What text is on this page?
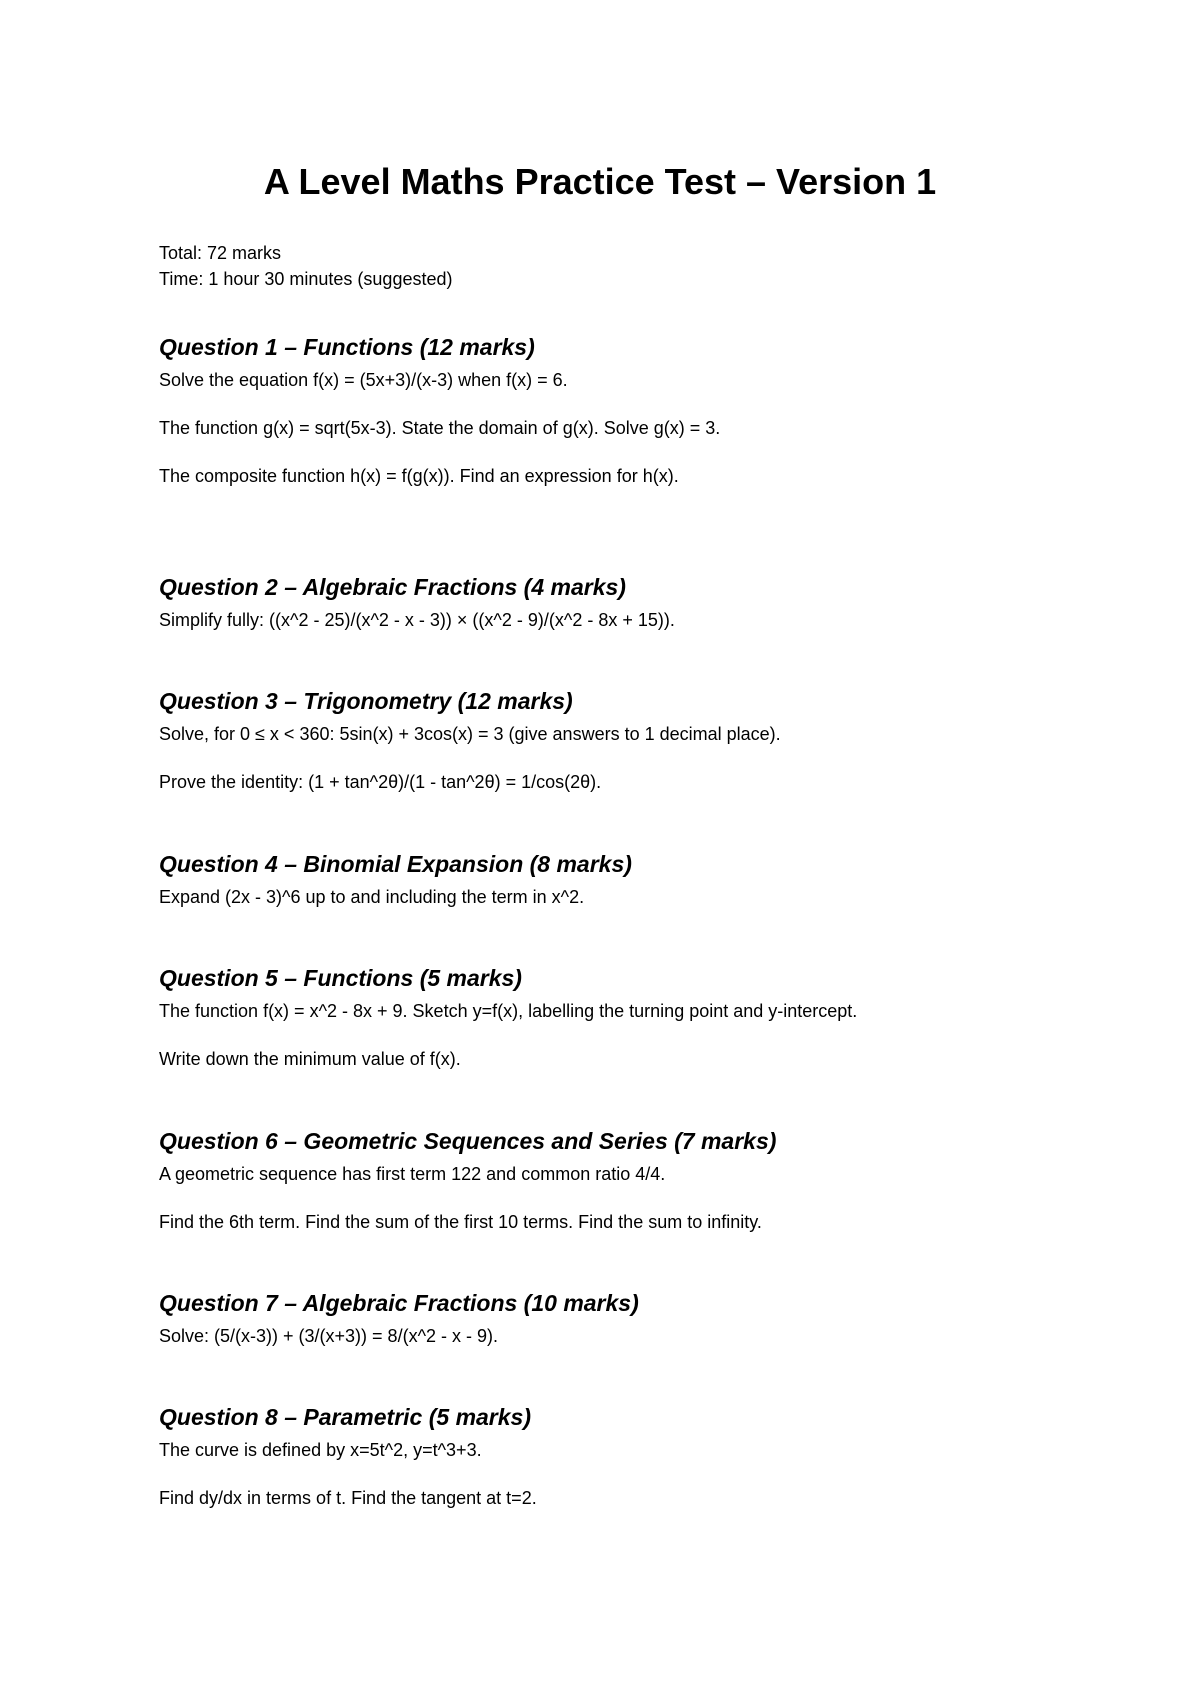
A Level Maths Practice Test – Version 1
Total: 72 marks
Time: 1 hour 30 minutes (suggested)
Question 1 – Functions (12 marks)
Solve the equation f(x) = (5x+3)/(x-3) when f(x) = 6.
The function g(x) = sqrt(5x-3). State the domain of g(x). Solve g(x) = 3.
The composite function h(x) = f(g(x)). Find an expression for h(x).
Question 2 – Algebraic Fractions (4 marks)
Simplify fully: ((x^2 - 25)/(x^2 - x - 3)) × ((x^2 - 9)/(x^2 - 8x + 15)).
Question 3 – Trigonometry (12 marks)
Solve, for 0 ≤ x < 360: 5sin(x) + 3cos(x) = 3 (give answers to 1 decimal place).
Prove the identity: (1 + tan^2θ)/(1 - tan^2θ) = 1/cos(2θ).
Question 4 – Binomial Expansion (8 marks)
Expand (2x - 3)^6 up to and including the term in x^2.
Question 5 – Functions (5 marks)
The function f(x) = x^2 - 8x + 9. Sketch y=f(x), labelling the turning point and y-intercept.
Write down the minimum value of f(x).
Question 6 – Geometric Sequences and Series (7 marks)
A geometric sequence has first term 122 and common ratio 4/4.
Find the 6th term. Find the sum of the first 10 terms. Find the sum to infinity.
Question 7 – Algebraic Fractions (10 marks)
Solve: (5/(x-3)) + (3/(x+3)) = 8/(x^2 - x - 9).
Question 8 – Parametric (5 marks)
The curve is defined by x=5t^2, y=t^3+3.
Find dy/dx in terms of t. Find the tangent at t=2.
